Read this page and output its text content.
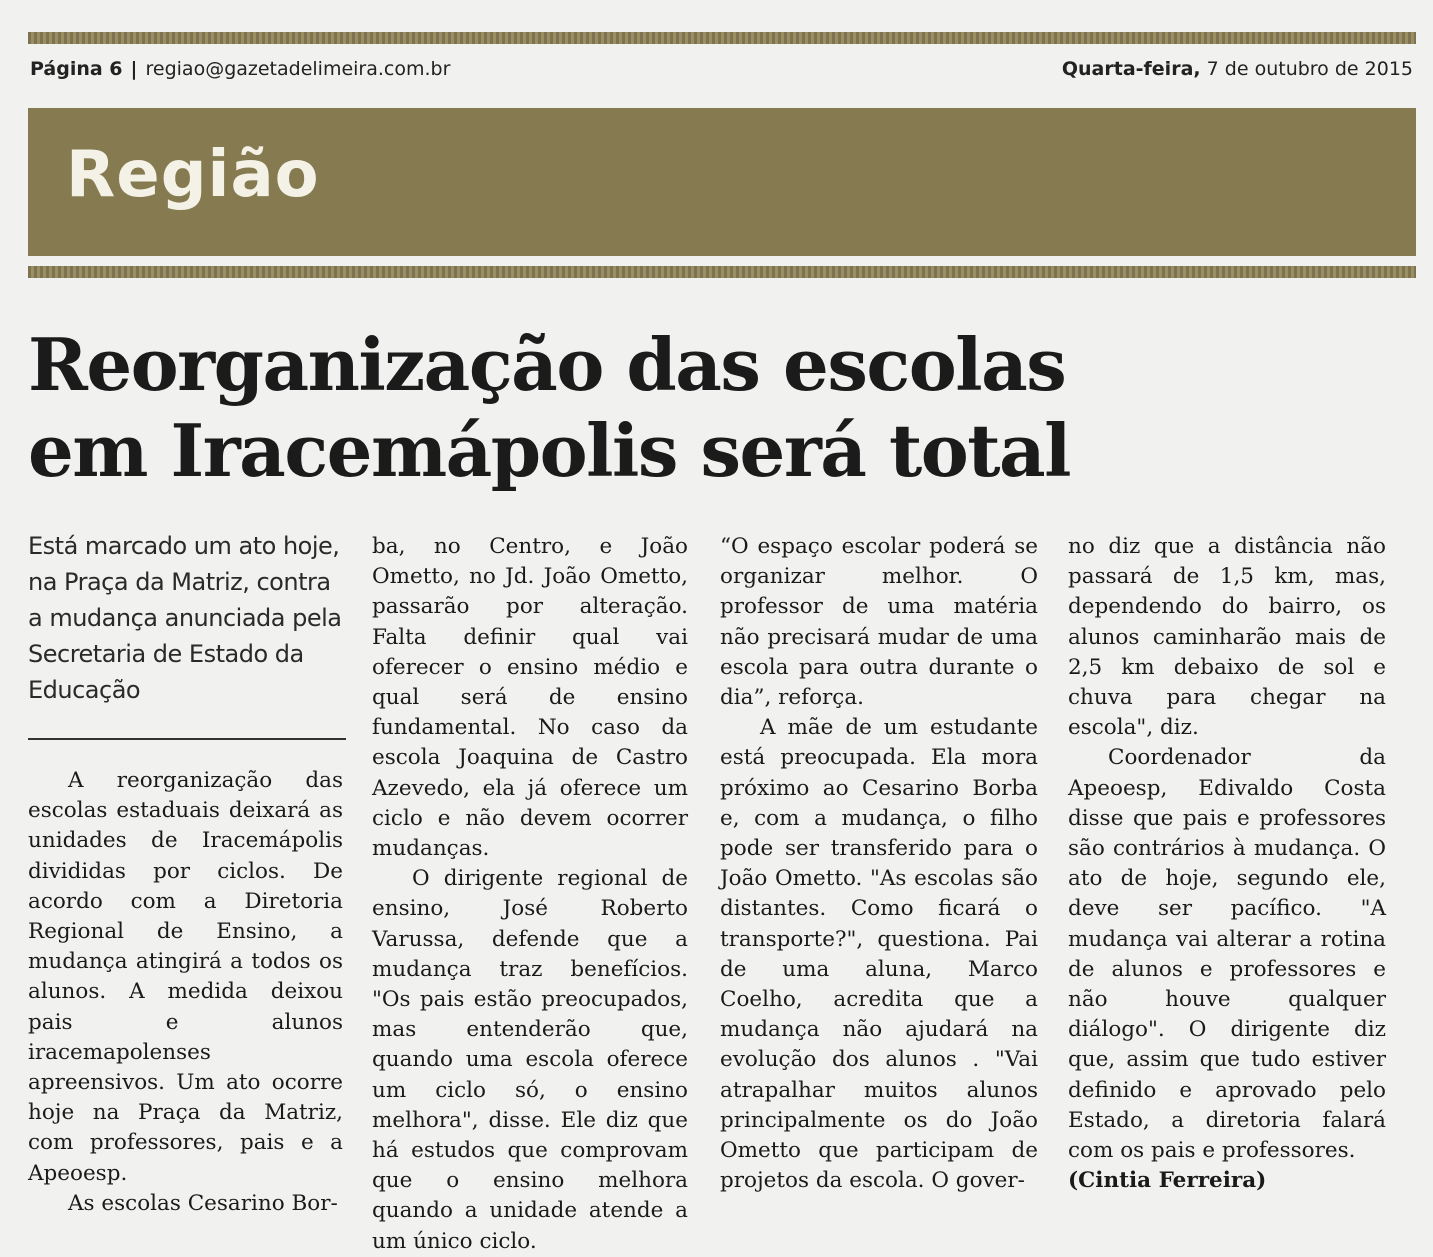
Página 6 | regiao@gazetadelimeira.com.br	Quarta-feira, 7 de outubro de 2015
Região
Reorganização das escolas
em Iracemápolis será total
Está marcado um ato hoje, na Praça da Matriz, contra a mudança anunciada pela Secretaria de Estado da Educação

A reorganização das escolas estaduais deixará as unidades de Iracemápolis divididas por ciclos. De acordo com a Diretoria Regional de Ensino, a mudança atingirá a todos os alunos. A medida deixou pais e alunos iracemapolenses apreensivos. Um ato ocorre hoje na Praça da Matriz, com professores, pais e a Apeoesp.

As escolas Cesarino Bor-

ba, no Centro, e João Ometto, no Jd. João Ometto, passarão por alteração. Falta definir qual vai oferecer o ensino médio e qual será de ensino fundamental. No caso da escola Joaquina de Castro Azevedo, ela já oferece um ciclo e não devem ocorrer mudanças.

O dirigente regional de ensino, José Roberto Varussa, defende que a mudança traz benefícios. "Os pais estão preocupados, mas entenderão que, quando uma escola oferece um ciclo só, o ensino melhora", disse. Ele diz que há estudos que comprovam que o ensino melhora quando a unidade atende a um único ciclo.

“O espaço escolar poderá se organizar melhor. O professor de uma matéria não precisará mudar de uma escola para outra durante o dia”, reforça.

A mãe de um estudante está preocupada. Ela mora próximo ao Cesarino Borba e, com a mudança, o filho pode ser transferido para o João Ometto. "As escolas são distantes. Como ficará o transporte?", questiona. Pai de uma aluna, Marco Coelho, acredita que a mudança não ajudará na evolução dos alunos . "Vai atrapalhar muitos alunos principalmente os do João Ometto que participam de projetos da escola. O gover-

no diz que a distância não passará de 1,5 km, mas, dependendo do bairro, os alunos caminharão mais de 2,5 km debaixo de sol e chuva para chegar na escola", diz.

Coordenador da Apeoesp, Edivaldo Costa disse que pais e professores são contrários à mudança. O ato de hoje, segundo ele, deve ser pacífico. "A mudança vai alterar a rotina de alunos e professores e não houve qualquer diálogo". O dirigente diz que, assim que tudo estiver definido e aprovado pelo Estado, a diretoria falará com os pais e professores.

(Cintia Ferreira)
